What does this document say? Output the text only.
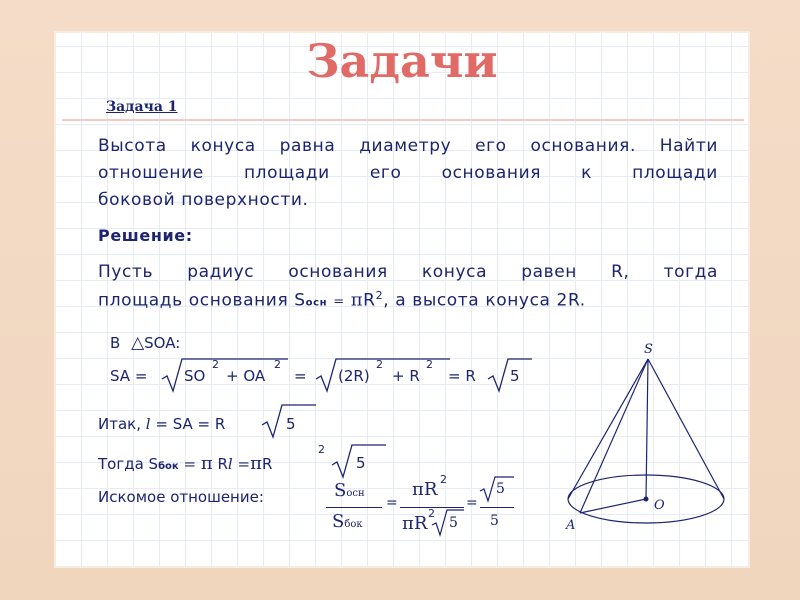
Задачи
Задача 1
Высота конуса равна диаметру его основания. Найти
отношение площади его основания к площади
боковой поверхности.
Решение:
Пусть радиус основания конуса равен R, тогда
площадь основания Sосн = $\pi R^2$, а высота конуса 2R.
В △SOA:
SA = SO
2
+ OA
2
= (2R)
2
+ R
2
= R 5
Итак, l = SA = R	5
Тогда Sбок = π Rl =πR
2
5
Искомое отношение:	Sосн
Sбок
=
πR 2
πR 2
5
=
5
5
S
O
A
